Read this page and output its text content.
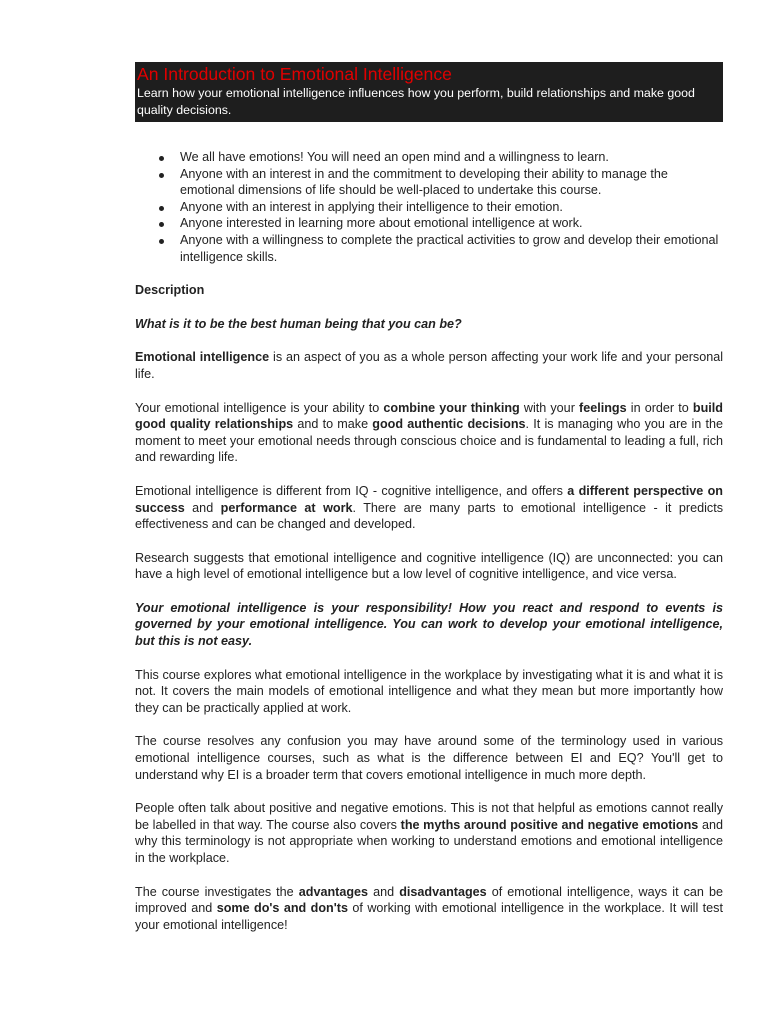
An Introduction to Emotional Intelligence
Learn how your emotional intelligence influences how you perform, build relationships and make good quality decisions.
We all have emotions! You will need an open mind and a willingness to learn.
Anyone with an interest in and the commitment to developing their ability to manage the emotional dimensions of life should be well-placed to undertake this course.
Anyone with an interest in applying their intelligence to their emotion.
Anyone interested in learning more about emotional intelligence at work.
Anyone with a willingness to complete the practical activities to grow and develop their emotional intelligence skills.

Description

What is it to be the best human being that you can be?

Emotional intelligence is an aspect of you as a whole person affecting your work life and your personal life.

Your emotional intelligence is your ability to combine your thinking with your feelings in order to build good quality relationships and to make good authentic decisions. It is managing who you are in the moment to meet your emotional needs through conscious choice and is fundamental to leading a full, rich and rewarding life.

Emotional intelligence is different from IQ - cognitive intelligence, and offers a different perspective on success and performance at work. There are many parts to emotional intelligence - it predicts effectiveness and can be changed and developed.

Research suggests that emotional intelligence and cognitive intelligence (IQ) are unconnected: you can have a high level of emotional intelligence but a low level of cognitive intelligence, and vice versa.

Your emotional intelligence is your responsibility! How you react and respond to events is governed by your emotional intelligence. You can work to develop your emotional intelligence, but this is not easy.

This course explores what emotional intelligence in the workplace by investigating what it is and what it is not. It covers the main models of emotional intelligence and what they mean but more importantly how they can be practically applied at work.

The course resolves any confusion you may have around some of the terminology used in various emotional intelligence courses, such as what is the difference between EI and EQ? You'll get to understand why EI is a broader term that covers emotional intelligence in much more depth.

People often talk about positive and negative emotions. This is not that helpful as emotions cannot really be labelled in that way. The course also covers the myths around positive and negative emotions and why this terminology is not appropriate when working to understand emotions and emotional intelligence in the workplace.

The course investigates the advantages and disadvantages of emotional intelligence, ways it can be improved and some do's and don'ts of working with emotional intelligence in the workplace. It will test your emotional intelligence!
